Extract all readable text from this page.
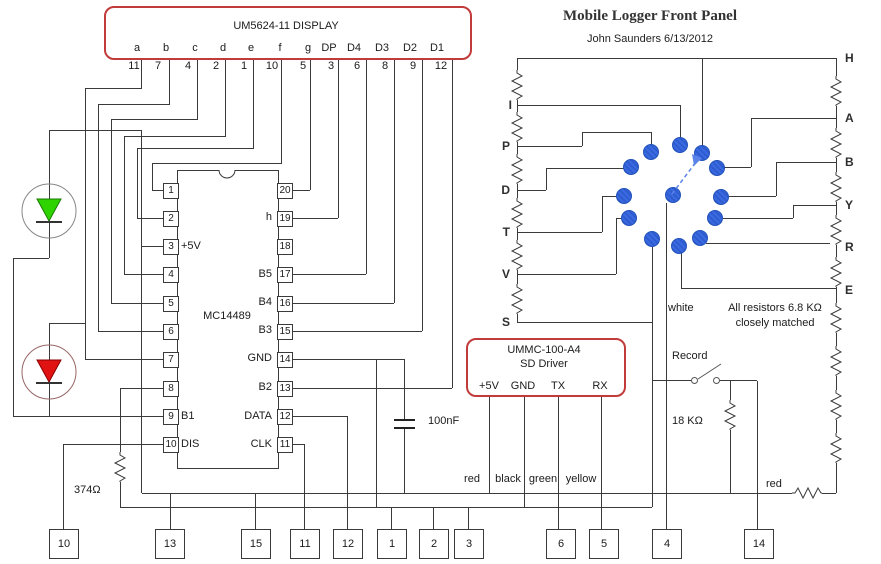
UM5624-11 DISPLAY
a	b	c	d	e	f	g DP D4 D3 D2 D1
11	7	4	2	1	10	5	3	6	8	9	12
Mobile Logger Front Panel
John Saunders 6/13/2012
MC14489
1
2
3
4
5
6
7
8
9
10
20
19
18
17
16
15
14
13
12
11
+5V
B1
DIS
h
B5
B4
B3
GND
B2
DATA
CLK
100nF
374Ω
UMMC-100-A4
SD Driver
+5V GND TX RX
red	black green yellow
I
P
D
T
V
S
H
A
B
Y
R
E
white	All resistors 6.8 KΩ
closely matched
Record
18 KΩ
red
10	13	15	11	12	1	2	3	6	5	4	14
